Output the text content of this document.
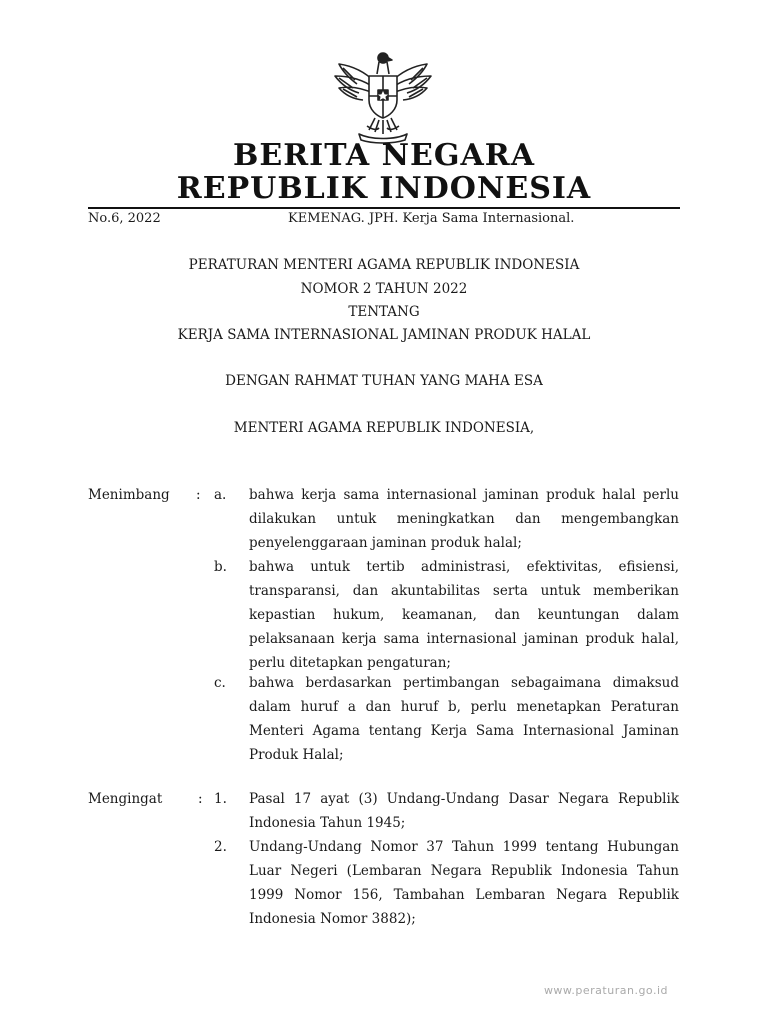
BERITA NEGARA
REPUBLIK INDONESIA
No.6, 2022	KEMENAG. JPH. Kerja Sama Internasional.
PERATURAN MENTERI AGAMA REPUBLIK INDONESIA
NOMOR 2 TAHUN 2022
TENTANG
KERJA SAMA INTERNASIONAL JAMINAN PRODUK HALAL
DENGAN RAHMAT TUHAN YANG MAHA ESA
MENTERI AGAMA REPUBLIK INDONESIA,
Menimbang : a. bahwa kerja sama internasional jaminan produk halal perlu dilakukan untuk meningkatkan dan mengembangkan penyelenggaraan jaminan produk halal;
b. bahwa untuk tertib administrasi, efektivitas, efisiensi, transparansi, dan akuntabilitas serta untuk memberikan kepastian hukum, keamanan, dan keuntungan dalam pelaksanaan kerja sama internasional jaminan produk halal, perlu ditetapkan pengaturan;
c. bahwa berdasarkan pertimbangan sebagaimana dimaksud dalam huruf a dan huruf b, perlu menetapkan Peraturan Menteri Agama tentang Kerja Sama Internasional Jaminan Produk Halal;
Mengingat	: 1. Pasal 17 ayat (3) Undang-Undang Dasar Negara Republik Indonesia Tahun 1945;
2. Undang-Undang Nomor 37 Tahun 1999 tentang Hubungan Luar Negeri (Lembaran Negara Republik Indonesia Tahun 1999 Nomor 156, Tambahan Lembaran Negara Republik Indonesia Nomor 3882);
www.peraturan.go.id
